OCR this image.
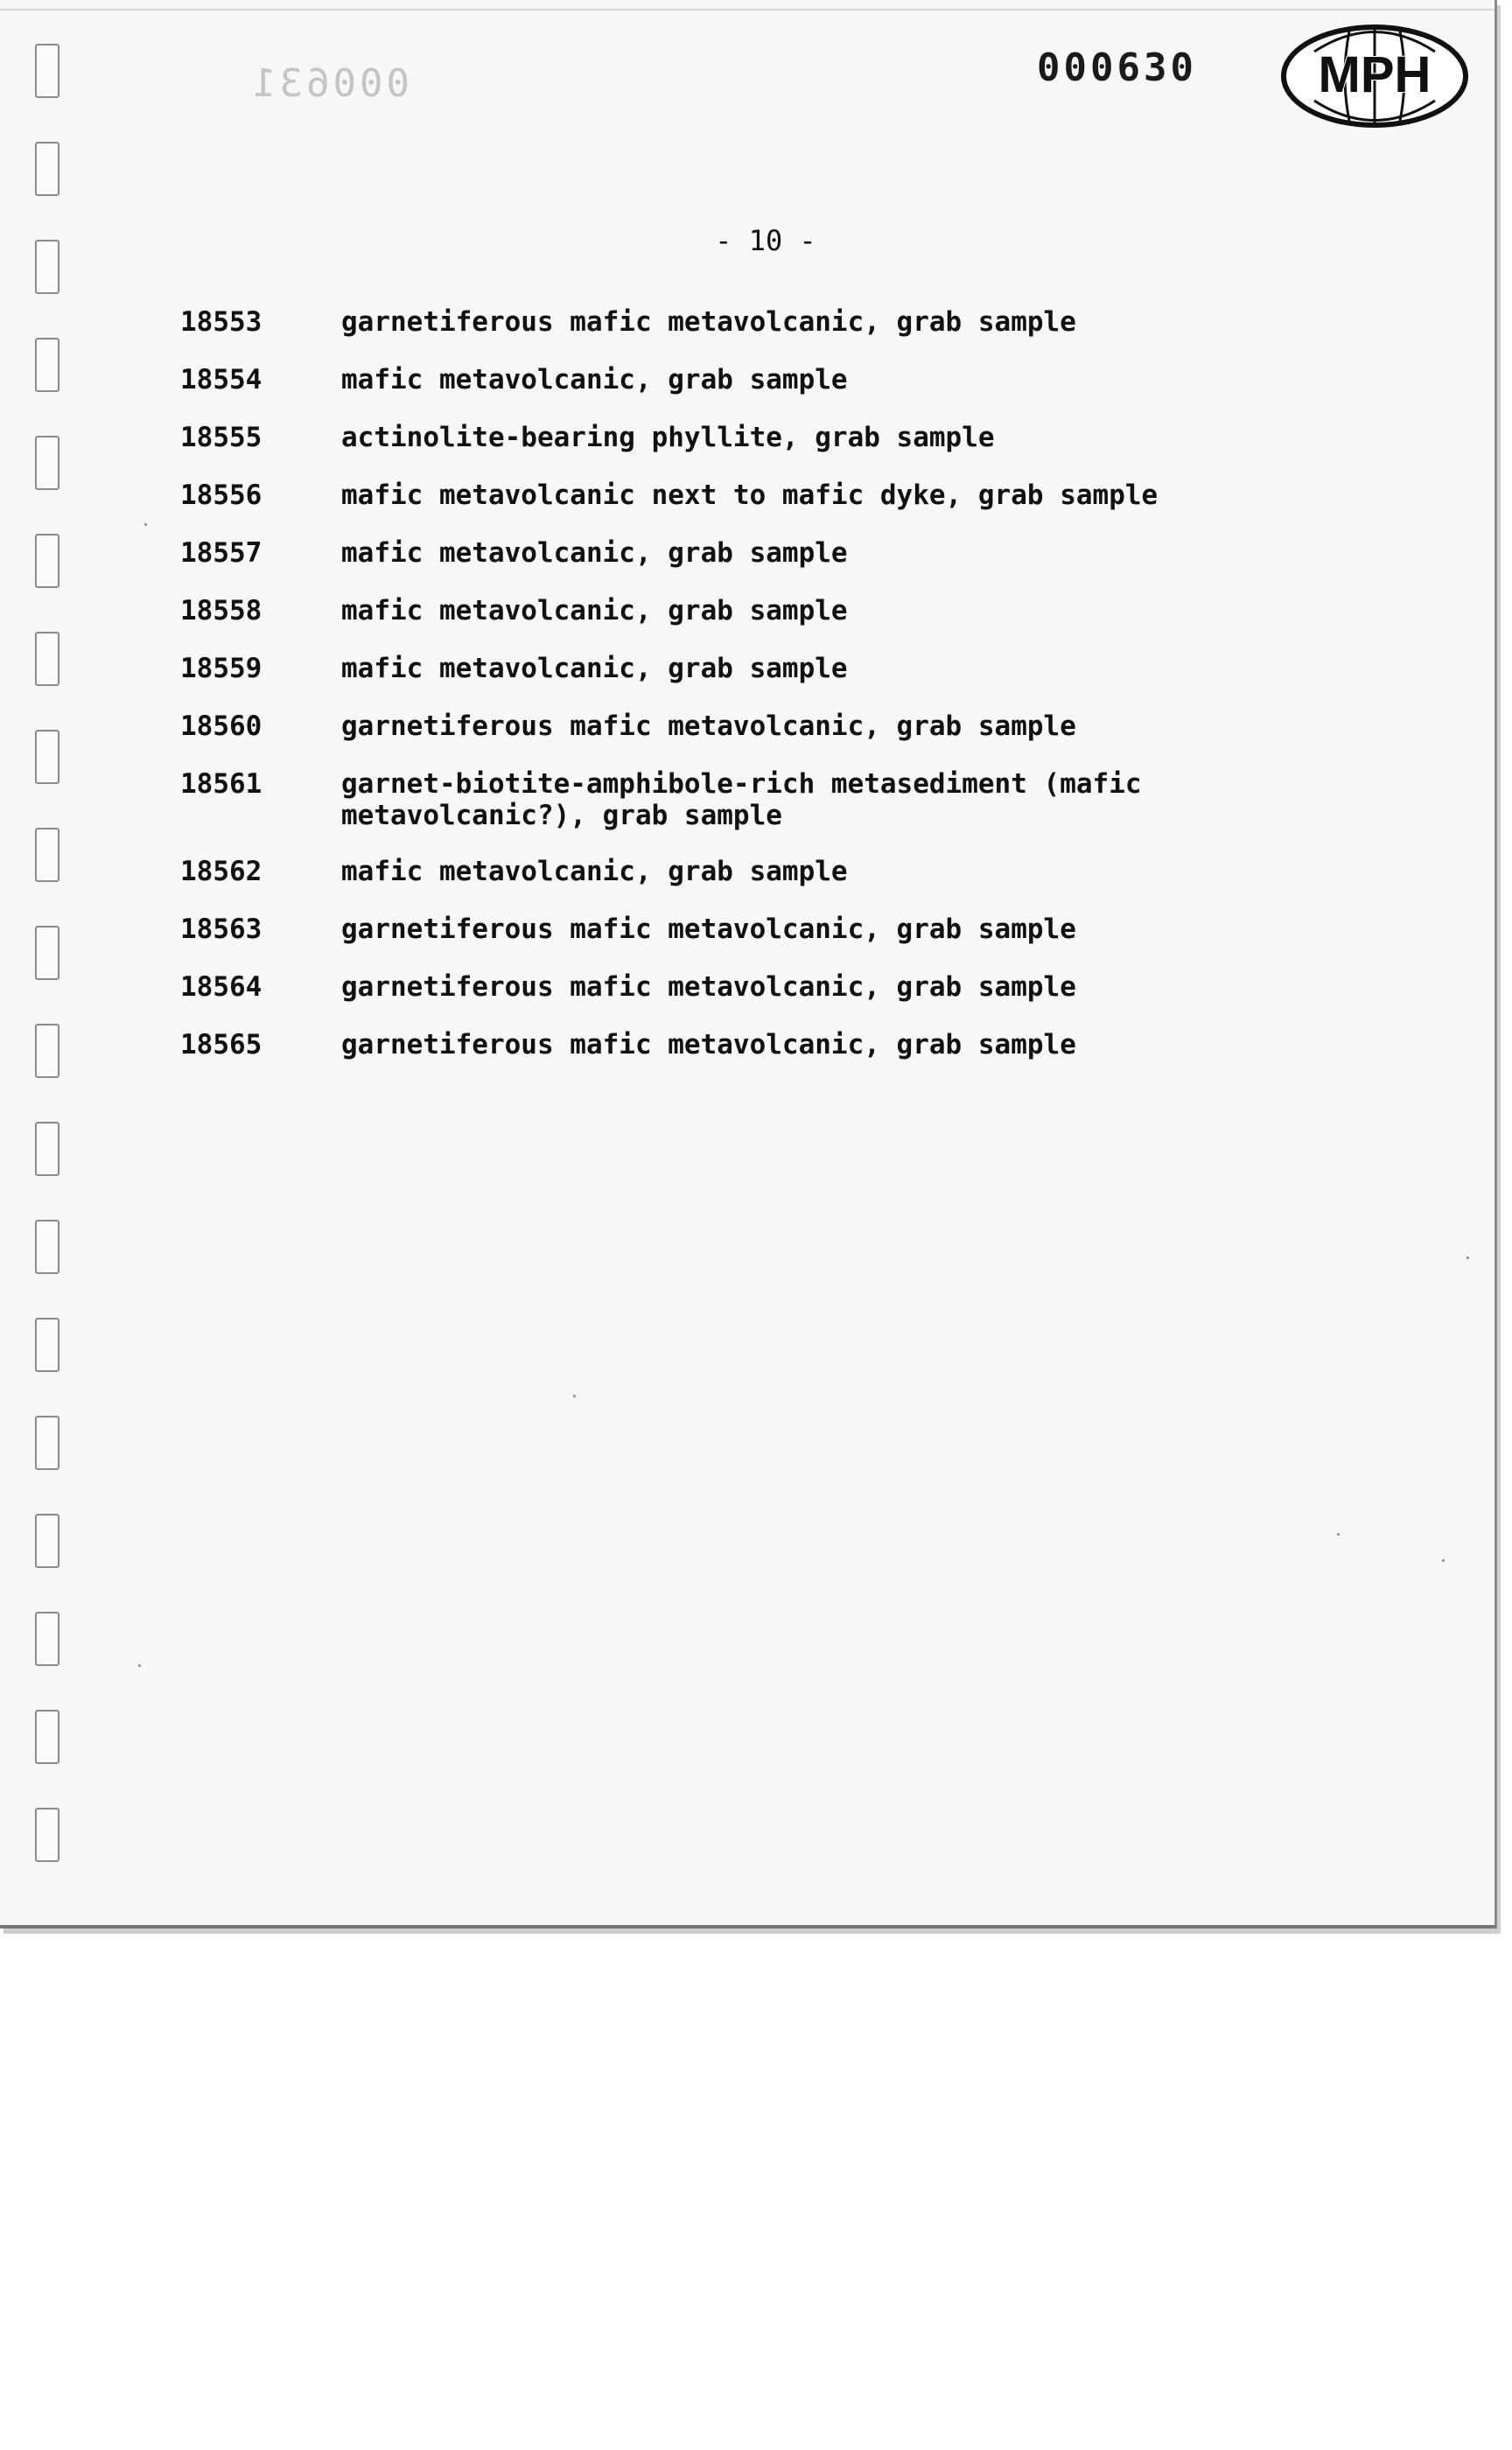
000631	000630 MPH
- 10 -
18553	garnetiferous mafic metavolcanic, grab sample
18554	mafic metavolcanic, grab sample
18555	actinolite-bearing phyllite, grab sample
18556	mafic metavolcanic next to mafic dyke, grab sample
18557	mafic metavolcanic, grab sample
18558	mafic metavolcanic, grab sample
18559	mafic metavolcanic, grab sample
18560	garnetiferous mafic metavolcanic, grab sample
18561	garnet-biotite-amphibole-rich metasediment (mafic
metavolcanic?), grab sample
18562	mafic metavolcanic, grab sample
18563	garnetiferous mafic metavolcanic, grab sample
18564	garnetiferous mafic metavolcanic, grab sample
18565	garnetiferous mafic metavolcanic, grab sample
